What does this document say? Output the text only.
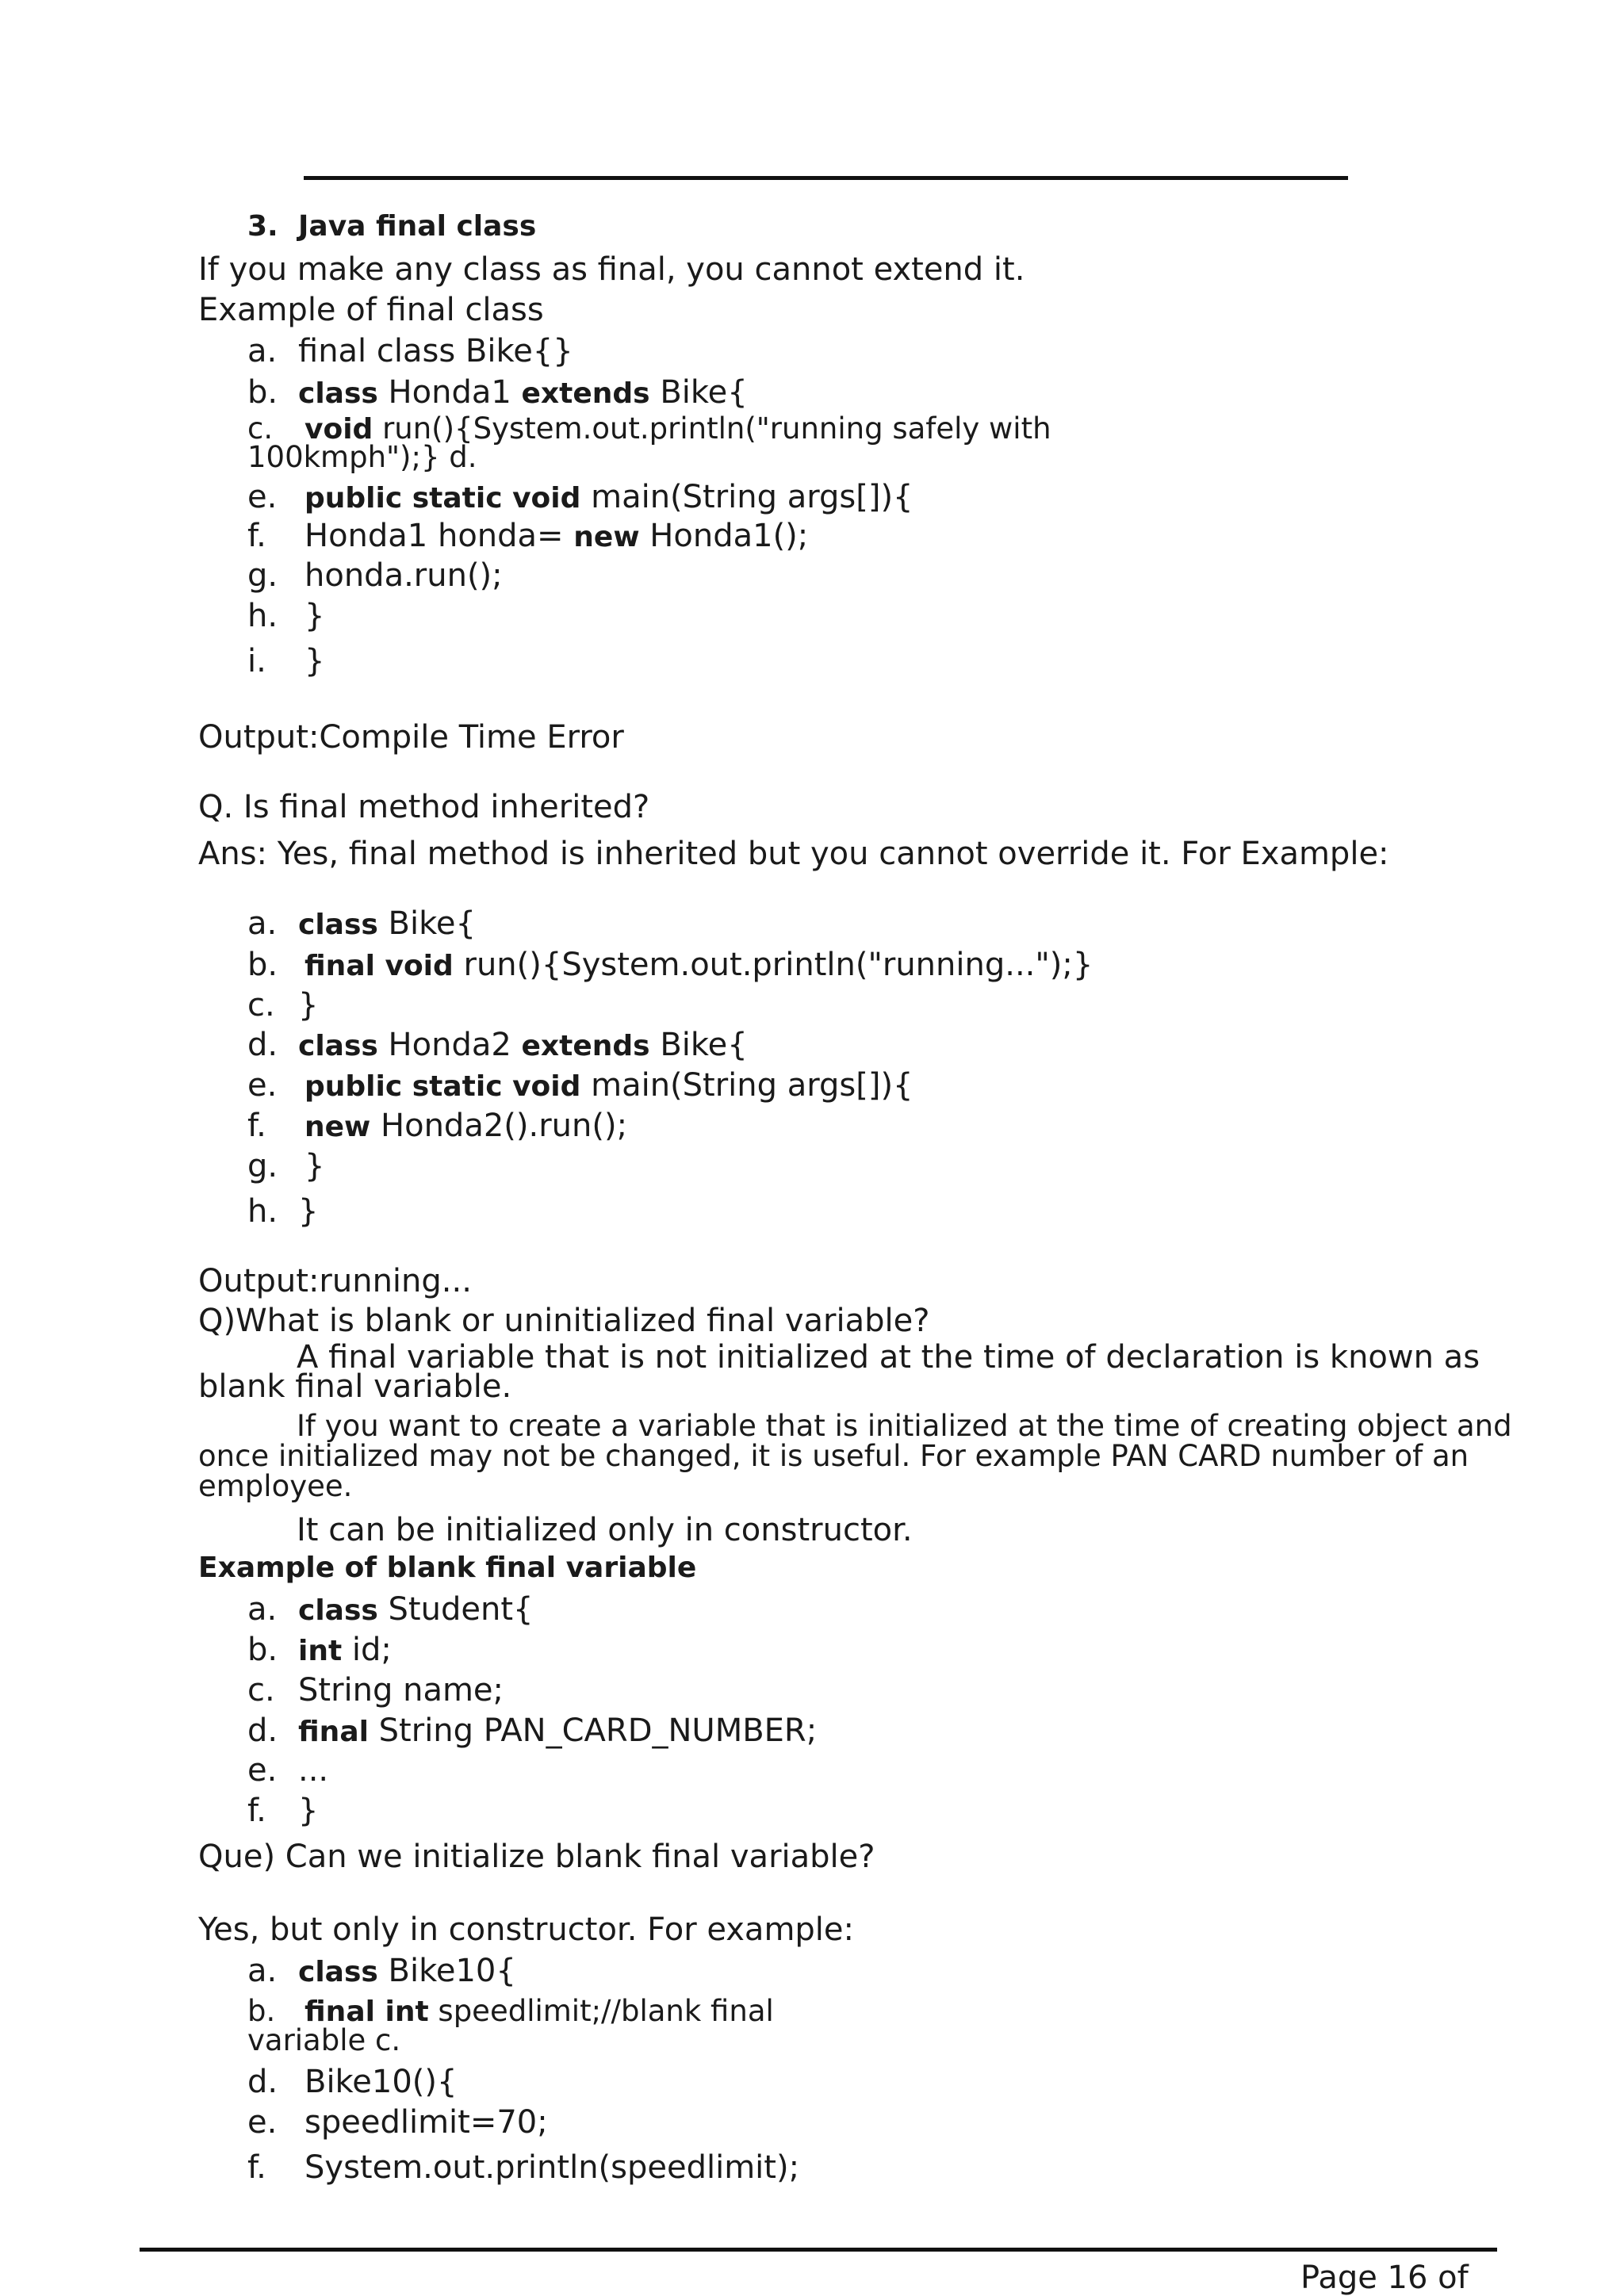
3. Java final class
If you make any class as final, you cannot extend it.
Example of final class
a. final class Bike{}
b. class Honda1 extends Bike{
c. void run(){System.out.println("running safely with
100kmph");} d.
e. public static void main(String args[]){
f. Honda1 honda= new Honda1();
g. honda.run();
h. }
i. }
Output:Compile Time Error
Q. Is final method inherited?
Ans: Yes, final method is inherited but you cannot override it. For Example:
a. class Bike{
b. final void run(){System.out.println("running...");}
c. }
d. class Honda2 extends Bike{
e. public static void main(String args[]){
f. new Honda2().run();
g. }
h. }
Output:running...
Q)What is blank or uninitialized final variable?
A final variable that is not initialized at the time of declaration is known as
blank final variable.
If you want to create a variable that is initialized at the time of creating object and
once initialized may not be changed, it is useful. For example PAN CARD number of an
employee.
It can be initialized only in constructor.
Example of blank final variable
a. class Student{
b. int id;
c. String name;
d. final String PAN_CARD_NUMBER;
e. ...
f. }
Que) Can we initialize blank final variable?
Yes, but only in constructor. For example:
a. class Bike10{
b. final int speedlimit;//blank final
variable c.
d. Bike10(){
e. speedlimit=70;
f. System.out.println(speedlimit);
Page 16 of
